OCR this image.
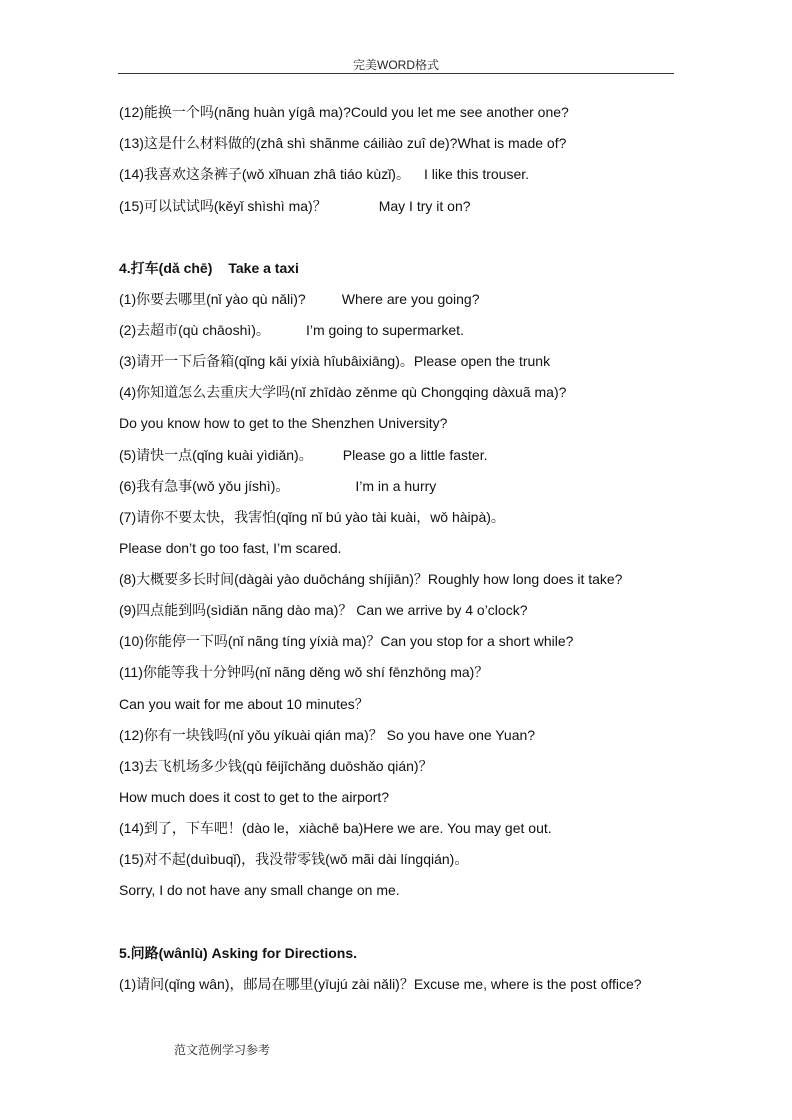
完美WORD格式
(12)能换一个吗(nãng huàn yígâ ma)?Could you let me see another one?
(13)这是什么材料做的(zhâ shì shãnme cáiliào zuî de)?What is made of?
(14)我喜欢这条裤子(wǒ xǐhuan zhâ tiáo kùzǐ)。 I like this trouser.
(15)可以试试吗(kěyǐ shìshì ma)？	May I try it on?
4.打车(dǎ chē) Take a taxi
(1)你要去哪里(nǐ yào qù nǎli)?	Where are you going?
(2)去超市(qù chāoshì)。	I’m going to supermarket.
(3)请开一下后备箱(qǐng kāi yíxià hîubâixiāng)。Please open the trunk
(4)你知道怎么去重庆大学吗(nǐ zhīdào zěnme qù Chongqing dàxuã ma)?
Do you know how to get to the Shenzhen University?
(5)请快一点(qǐng kuài yìdiǎn)。 Please go a little faster.
(6)我有急事(wǒ yǒu jíshì)。	I’m in a hurry
(7)请你不要太快，我害怕(qǐng nǐ bú yào tài kuài，wǒ hàipà)。
Please don’t go too fast, I’m scared.
(8)大概要多长时间(dàgài yào duōcháng shíjiān)？Roughly how long does it take?
(9)四点能到吗(sìdiǎn nãng dào ma)？ Can we arrive by 4 o’clock?
(10)你能停一下吗(nǐ nãng tíng yíxià ma)？Can you stop for a short while?
(11)你能等我十分钟吗(nǐ nãng děng wǒ shí fēnzhōng ma)？
Can you wait for me about 10 minutes？
(12)你有一块钱吗(nǐ yǒu yíkuài qián ma)？ So you have one Yuan?
(13)去飞机场多少钱(qù fēijīchǎng duōshǎo qián)？
How much does it cost to get to the airport?
(14)到了，下车吧！(dào le，xiàchē ba)Here we are. You may get out.
(15)对不起(duìbuqǐ)，我没带零钱(wǒ mãi dài língqián)。
Sorry, I do not have any small change on me.
5.问路(wânlù) Asking for Directions.
(1)请问(qǐng wân)，邮局在哪里(yīujú zài nǎli)？Excuse me, where is the post office?
范文范例学习参考
